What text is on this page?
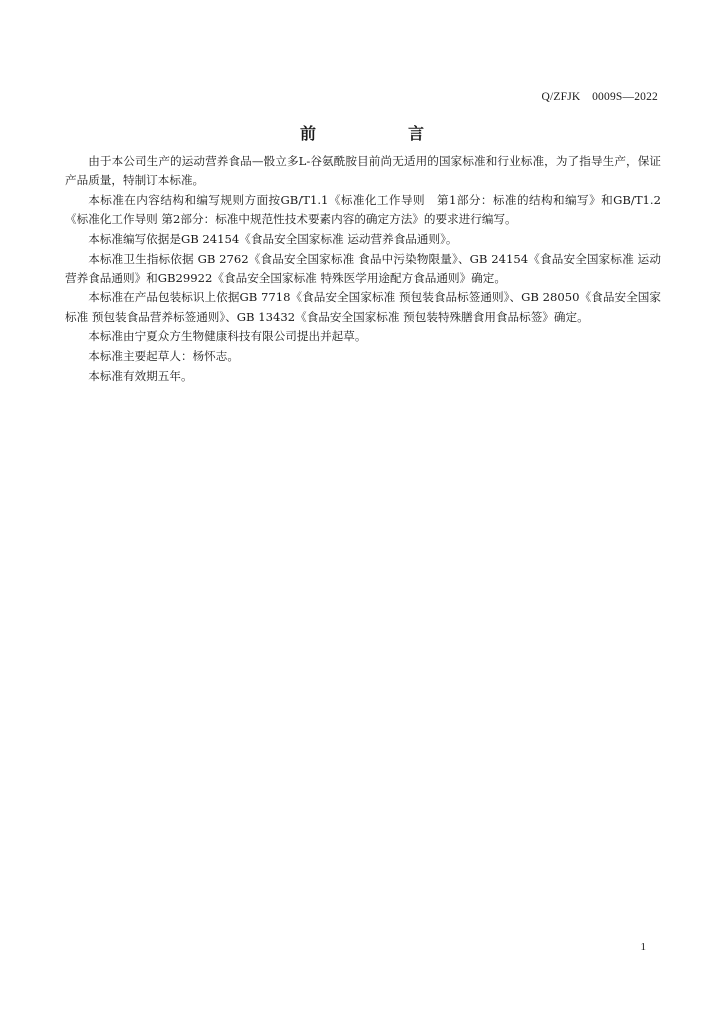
Q/ZFJK　0009S—2022
前　言

由于本公司生产的运动营养食品—骰立多L-谷氨酰胺目前尚无适用的国家标准和行业标准，为了指导生产，保证产品质量，特制订本标准。

本标准在内容结构和编写规则方面按GB/T1.1《标准化工作导则　第1部分：标准的结构和编写》和GB/T1.2《标准化工作导则 第2部分：标准中规范性技术要素内容的确定方法》的要求进行编写。

本标准编写依据是GB 24154《食品安全国家标准 运动营养食品通则》。

本标准卫生指标依据 GB 2762《食品安全国家标准 食品中污染物限量》、GB 24154《食品安全国家标准 运动营养食品通则》和GB29922《食品安全国家标准 特殊医学用途配方食品通则》确定。

本标准在产品包装标识上依据GB 7718《食品安全国家标准 预包装食品标签通则》、GB 28050《食品安全国家标准 预包装食品营养标签通则》、GB 13432《食品安全国家标准 预包装特殊膳食用食品标签》确定。

本标准由宁夏众方生物健康科技有限公司提出并起草。

本标准主要起草人：杨怀志。

本标准有效期五年。

1
